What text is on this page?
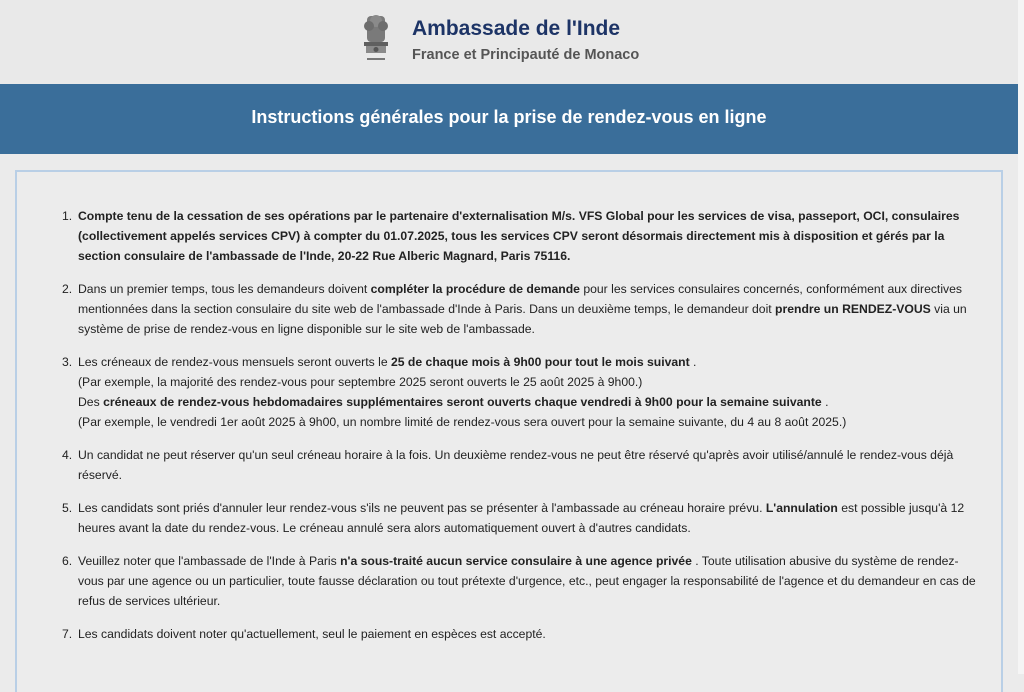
Ambassade de l'Inde
France et Principauté de Monaco
Instructions générales pour la prise de rendez-vous en ligne
1. Compte tenu de la cessation de ses opérations par le partenaire d'externalisation M/s. VFS Global pour les services de visa, passeport, OCI, consulaires (collectivement appelés services CPV) à compter du 01.07.2025, tous les services CPV seront désormais directement mis à disposition et gérés par la section consulaire de l'ambassade de l'Inde, 20-22 Rue Alberic Magnard, Paris 75116.

2. Dans un premier temps, tous les demandeurs doivent compléter la procédure de demande pour les services consulaires concernés, conformément aux directives mentionnées dans la section consulaire du site web de l'ambassade d'Inde à Paris. Dans un deuxième temps, le demandeur doit prendre un RENDEZ-VOUS via un système de prise de rendez-vous en ligne disponible sur le site web de l'ambassade.

3. Les créneaux de rendez-vous mensuels seront ouverts le 25 de chaque mois à 9h00 pour tout le mois suivant .

(Par exemple, la majorité des rendez-vous pour septembre 2025 seront ouverts le 25 août 2025 à 9h00.)

Des créneaux de rendez-vous hebdomadaires supplémentaires seront ouverts chaque vendredi à 9h00 pour la semaine suivante .

(Par exemple, le vendredi 1er août 2025 à 9h00, un nombre limité de rendez-vous sera ouvert pour la semaine suivante, du 4 au 8 août 2025.)

4. Un candidat ne peut réserver qu'un seul créneau horaire à la fois. Un deuxième rendez-vous ne peut être réservé qu'après avoir utilisé/annulé le rendez-vous déjà réservé.

5. Les candidats sont priés d'annuler leur rendez-vous s'ils ne peuvent pas se présenter à l'ambassade au créneau horaire prévu. L'annulation est possible jusqu'à 12 heures avant la date du rendez-vous. Le créneau annulé sera alors automatiquement ouvert à d'autres candidats.

6. Veuillez noter que l'ambassade de l'Inde à Paris n'a sous-traité aucun service consulaire à une agence privée . Toute utilisation abusive du système de rendez-vous par une agence ou un particulier, toute fausse déclaration ou tout prétexte d'urgence, etc., peut engager la responsabilité de l'agence et du demandeur en cas de refus de services ultérieur.

7. Les candidats doivent noter qu'actuellement, seul le paiement en espèces est accepté.
